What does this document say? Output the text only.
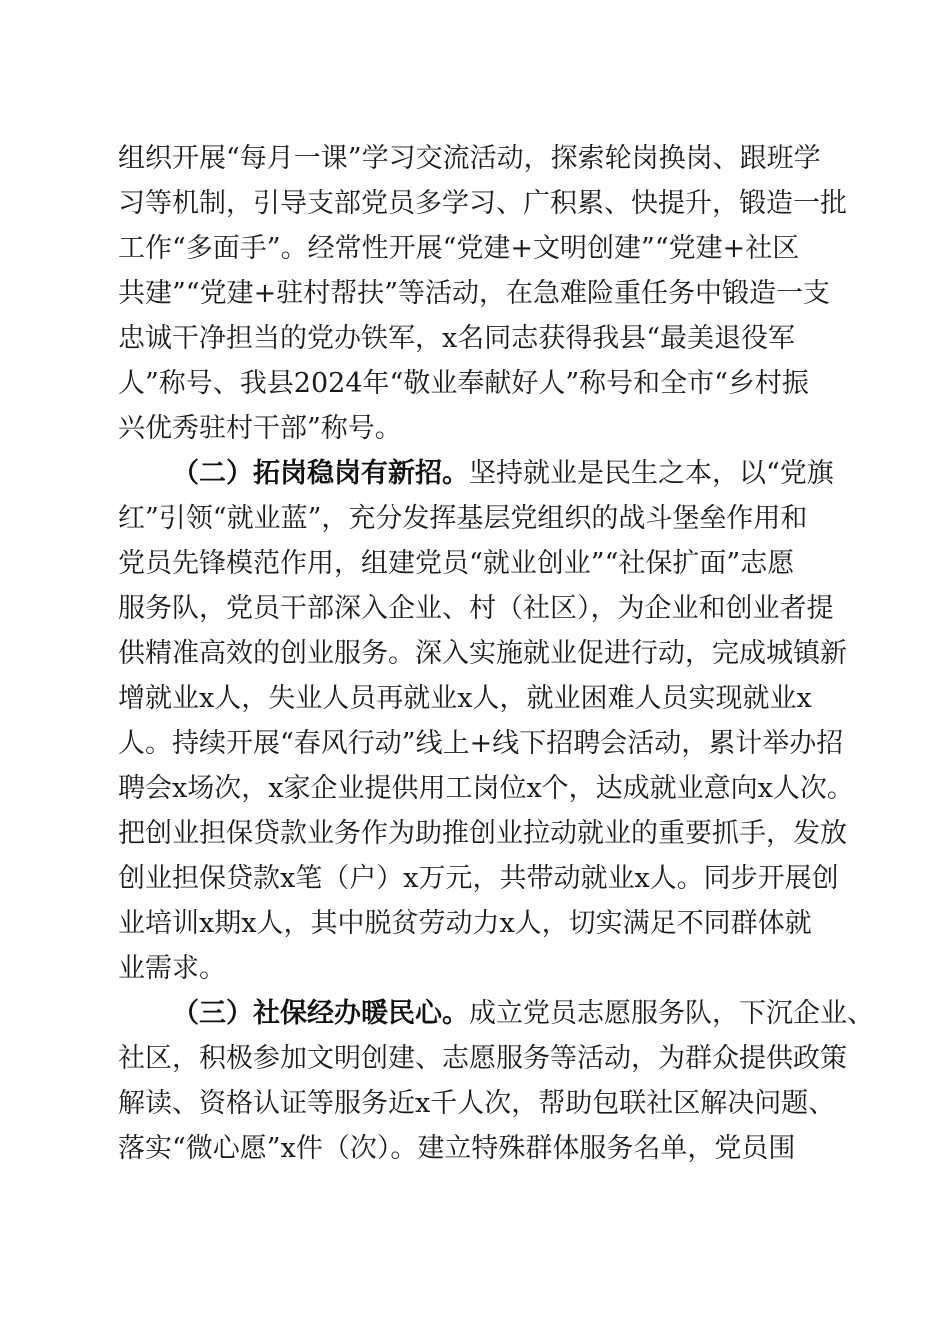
组织开展“每月一课”学习交流活动，探索轮岗换岗、跟班学
习等机制，引导支部党员多学习、广积累、快提升，锻造一批
工作“多面手”。经常性开展“党建+文明创建”“党建+社区
共建”“党建+驻村帮扶”等活动，在急难险重任务中锻造一支
忠诚干净担当的党办铁军，x名同志获得我县“最美退役军
人”称号、我县2024年“敬业奉献好人”称号和全市“乡村振
兴优秀驻村干部”称号。
（二）拓岗稳岗有新招。坚持就业是民生之本，以“党旗
红”引领“就业蓝”，充分发挥基层党组织的战斗堡垒作用和
党员先锋模范作用，组建党员“就业创业”“社保扩面”志愿
服务队，党员干部深入企业、村（社区），为企业和创业者提
供精准高效的创业服务。深入实施就业促进行动，完成城镇新
增就业x人，失业人员再就业x人，就业困难人员实现就业x
人。持续开展“春风行动”线上+线下招聘会活动，累计举办招
聘会x场次，x家企业提供用工岗位x个，达成就业意向x人次。
把创业担保贷款业务作为助推创业拉动就业的重要抓手，发放
创业担保贷款x笔（户）x万元，共带动就业x人。同步开展创
业培训x期x人，其中脱贫劳动力x人，切实满足不同群体就
业需求。
（三）社保经办暖民心。成立党员志愿服务队，下沉企业、
社区，积极参加文明创建、志愿服务等活动，为群众提供政策
解读、资格认证等服务近x千人次，帮助包联社区解决问题、
落实“微心愿”x件（次）。建立特殊群体服务名单，党员围
